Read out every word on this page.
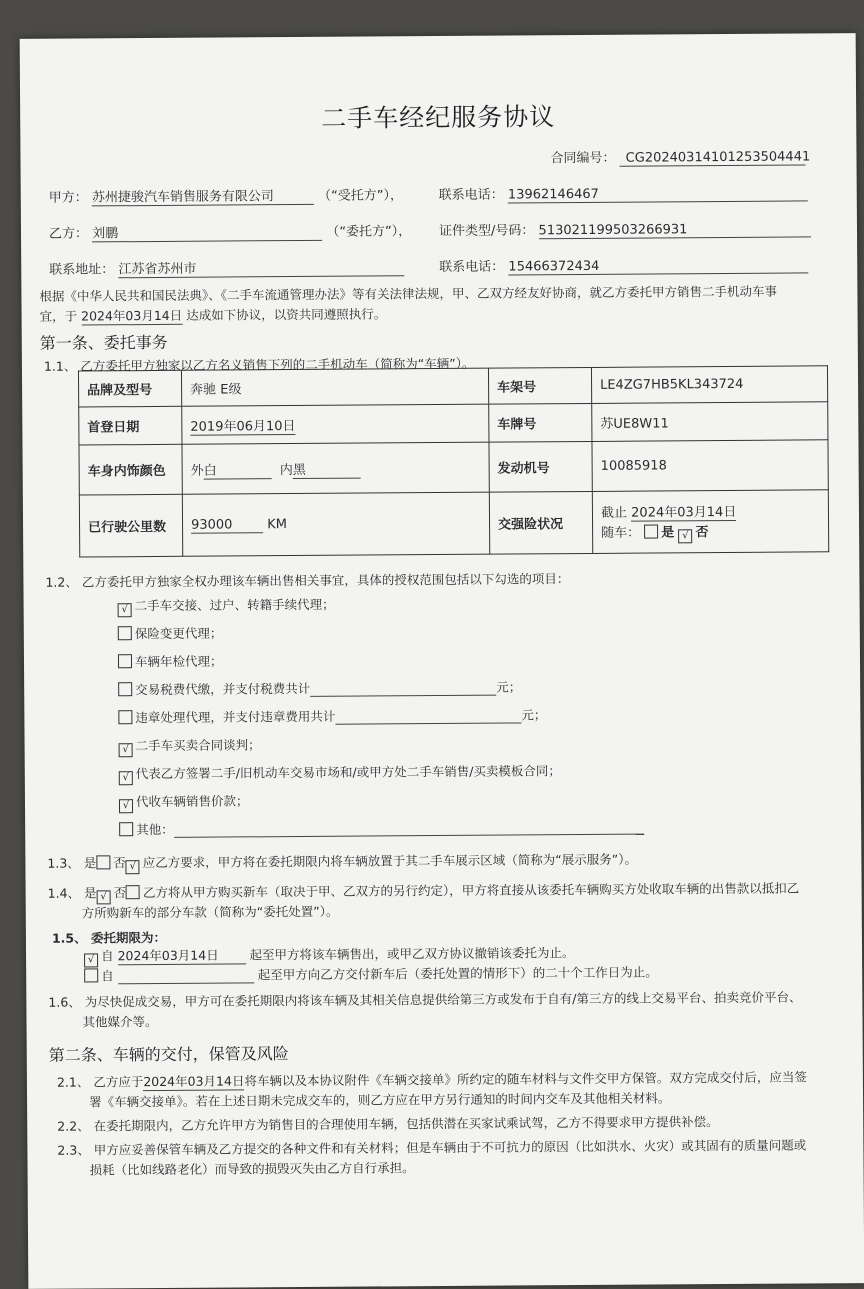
二手车经纪服务协议
合同编号： CG20240314101253504441
甲方： 苏州捷骏汽车销售服务有限公司	（“受托方”），	联系电话： 13962146467
乙方： 刘鹏	（“委托方”）， 证件类型/号码： 513021199503266931
联系地址： 江苏省苏州市	联系电话： 15466372434
根据《中华人民共和国民法典》、《二手车流通管理办法》等有关法律法规，甲、乙双方经友好协商，就乙方委托甲方销售二手机动车事
宜，于 2024年03月14日 达成如下协议，以资共同遵照执行。
第一条、委托事务
1.1、 乙方委托甲方独家以乙方名义销售下列的二手机动车（简称为“车辆”）。
品牌及型号	奔驰 E级	车架号	LE4ZG7HB5KL343724
首登日期	2019年06月10日	车牌号	苏UE8W11
车身内饰颜色	外白 内黑	发动机号	10085918
已行驶公里数	93000 KM	交强险状况	截止 2024年03月14日
随车： 是 √ 否
1.2、 乙方委托甲方独家全权办理该车辆出售相关事宜，具体的授权范围包括以下勾选的项目：
√ 二手车交接、过户、转籍手续代理；
保险变更代理；
车辆年检代理；
交易税费代缴，并支付税费共计	元；
违章处理代理，并支付违章费用共计	元；
√ 二手车买卖合同谈判；
√ 代表乙方签署二手/旧机动车交易市场和/或甲方处二手车销售/买卖模板合同；
√ 代收车辆销售价款；
其他：
1.3、 是 否 √ 应乙方要求，甲方将在委托期限内将车辆放置于其二手车展示区域（简称为“展示服务”）。
1.4、 是 √ 否 乙方将从甲方购买新车（取决于甲、乙双方的另行约定），甲方将直接从该委托车辆购买方处收取车辆的出售款以抵扣乙
方所购新车的部分车款（简称为“委托处置”）。
1.5、 委托期限为：
√ 自 2024年03月14日 起至甲方将该车辆售出，或甲乙双方协议撤销该委托为止。
自	起至甲方向乙方交付新车后（委托处置的情形下）的二十个工作日为止。
1.6、 为尽快促成交易，甲方可在委托期限内将该车辆及其相关信息提供给第三方或发布于自有/第三方的线上交易平台、拍卖竞价平台、
其他媒介等。
第二条、车辆的交付，保管及风险
2.1、 乙方应于2024年03月14日将车辆以及本协议附件《车辆交接单》所约定的随车材料与文件交甲方保管。双方完成交付后，应当签
署《车辆交接单》。若在上述日期未完成交车的，则乙方应在甲方另行通知的时间内交车及其他相关材料。
2.2、 在委托期限内，乙方允许甲方为销售目的合理使用车辆，包括供潜在买家试乘试驾，乙方不得要求甲方提供补偿。
2.3、 甲方应妥善保管车辆及乙方提交的各种文件和有关材料；但是车辆由于不可抗力的原因（比如洪水、火灾）或其固有的质量问题或
损耗（比如线路老化）而导致的损毁灭失由乙方自行承担。
